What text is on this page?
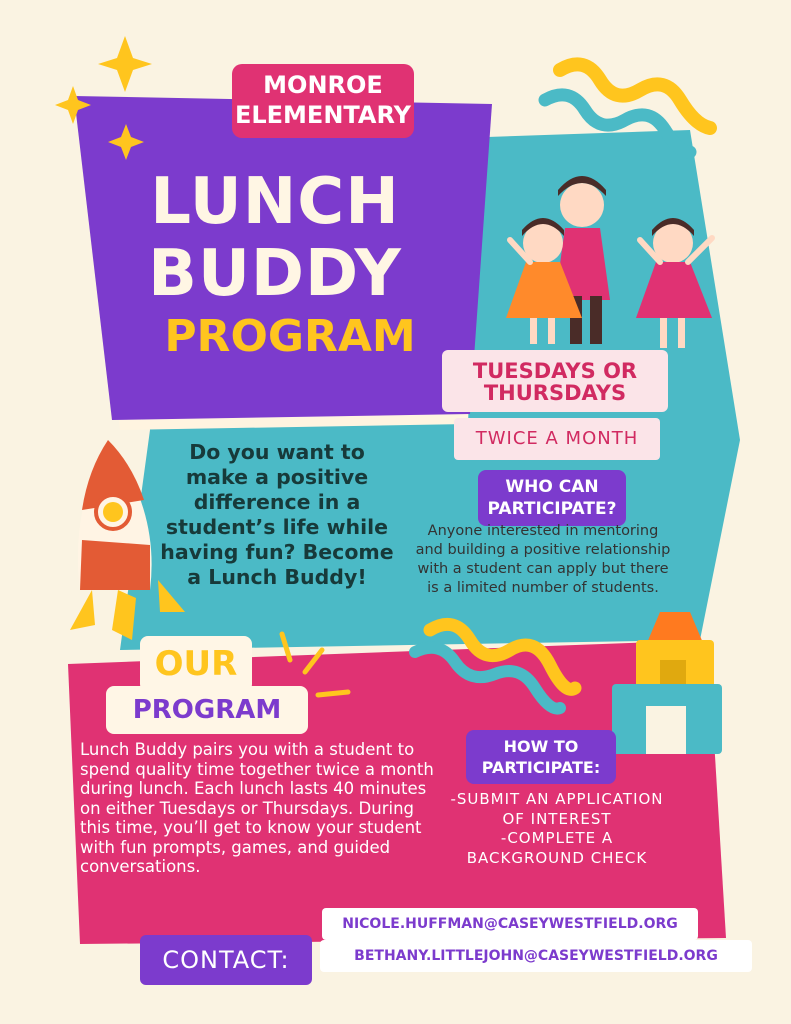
MONROE
ELEMENTARY
LUNCH
BUDDY
PROGRAM
TUESDAYS OR
THURSDAYS
TWICE A MONTH
WHO CAN
PARTICIPATE?
Anyone interested in mentoring and building a positive relationship with a student can apply but there is a limited number of students.
Do you want to make a positive difference in a student’s life while having fun? Become a Lunch Buddy!
OUR
PROGRAM
Lunch Buddy pairs you with a student to spend quality time together twice a month during lunch. Each lunch lasts 40 minutes on either Tuesdays or Thursdays. During this time, you’ll get to know your student with fun prompts, games, and guided conversations.
HOW TO
PARTICIPATE:
-SUBMIT AN APPLICATION
OF INTEREST
-COMPLETE A
BACKGROUND CHECK
CONTACT:
NICOLE.HUFFMAN@CASEYWESTFIELD.ORG
BETHANY.LITTLEJOHN@CASEYWESTFIELD.ORG
